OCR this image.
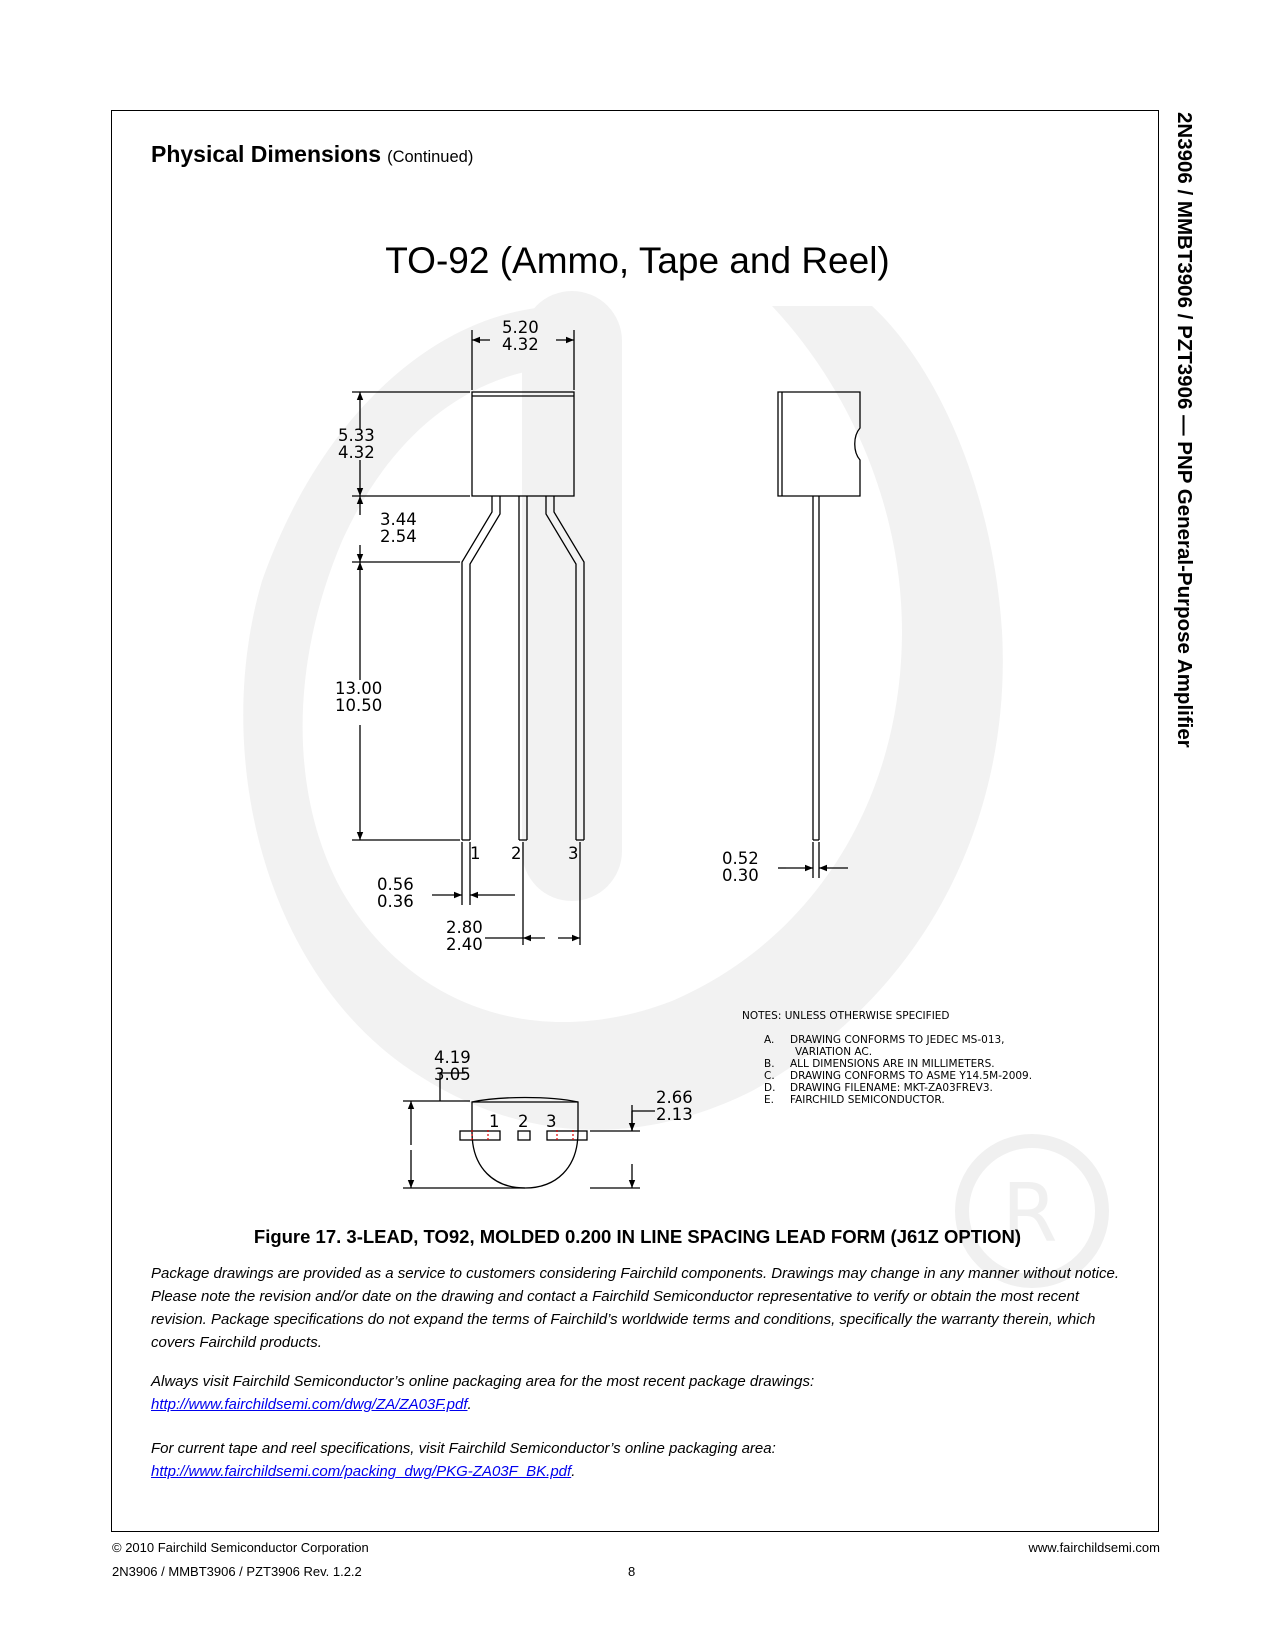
R
2N3906 / MMBT3906 / PZT3906 — PNP General-Purpose Amplifier
Physical Dimensions (Continued)
TO-92 (Ammo, Tape and Reel)
5.20
4.32
5.33
4.32
3.44
2.54
13.00
10.50
1 2	3
0.56
0.36
2.80
2.40
0.52
0.30
4.19
3.05
2.66
2.13
1 2 3
NOTES: UNLESS OTHERWISE SPECIFIED
A. DRAWING CONFORMS TO JEDEC MS-013,
VARIATION AC.
B. ALL DIMENSIONS ARE IN MILLIMETERS.
C. DRAWING CONFORMS TO ASME Y14.5M-2009.
D. DRAWING FILENAME: MKT-ZA03FREV3.
E. FAIRCHILD SEMICONDUCTOR.
Figure 17. 3-LEAD, TO92, MOLDED 0.200 IN LINE SPACING LEAD FORM (J61Z OPTION)
Package drawings are provided as a service to customers considering Fairchild components. Drawings may change in any manner without notice. Please note the revision and/or date on the drawing and contact a Fairchild Semiconductor representative to verify or obtain the most recent revision. Package specifications do not expand the terms of Fairchild’s worldwide terms and conditions, specifically the warranty therein, which covers Fairchild products.
Always visit Fairchild Semiconductor’s online packaging area for the most recent package drawings:
http://www.fairchildsemi.com/dwg/ZA/ZA03F.pdf.
For current tape and reel specifications, visit Fairchild Semiconductor’s online packaging area:
http://www.fairchildsemi.com/packing_dwg/PKG-ZA03F_BK.pdf.
© 2010 Fairchild Semiconductor Corporation
2N3906 / MMBT3906 / PZT3906 Rev. 1.2.2	8
www.fairchildsemi.com
